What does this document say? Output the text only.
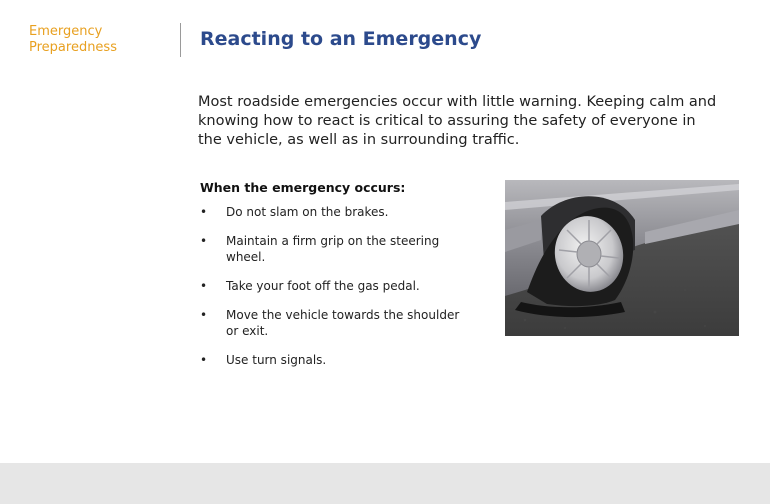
Emergency
Preparedness	Reacting to an Emergency

Most roadside emergencies occur with little warning. Keeping calm and knowing how to react is critical to assuring the safety of everyone in the vehicle, as well as in surrounding traffic.

When the emergency occurs:
• Do not slam on the brakes.
• Maintain a firm grip on the steering wheel.
• Take your foot off the gas pedal.
• Move the vehicle towards the shoulder or exit.
• Use turn signals.
